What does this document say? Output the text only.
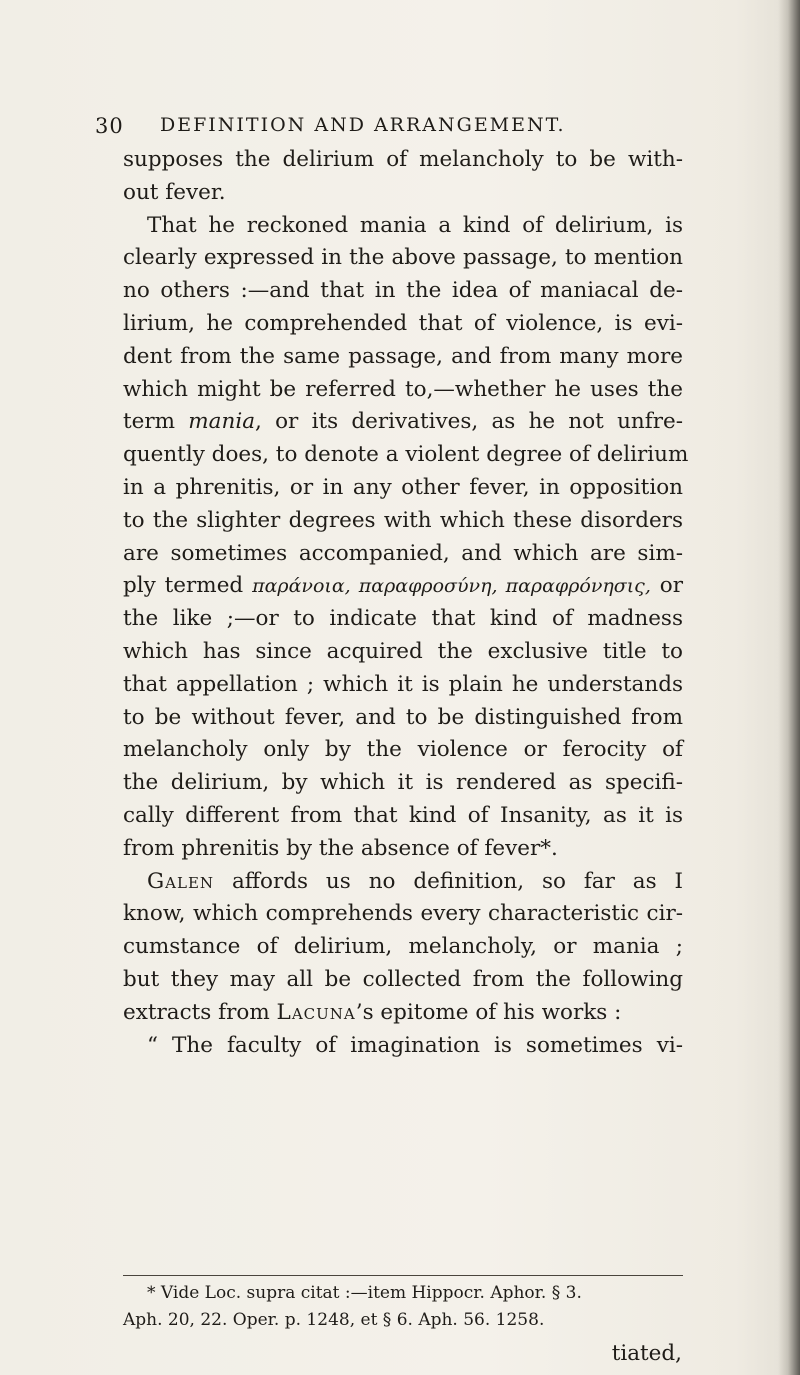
30 DEFINITION AND ARRANGEMENT.
supposes the delirium of melancholy to be with-
out fever.
That he reckoned mania a kind of delirium, is
clearly expressed in the above passage, to mention
no others :—and that in the idea of maniacal de-
lirium, he comprehended that of violence, is evi-
dent from the same passage, and from many more
which might be referred to,—whether he uses the
term mania, or its derivatives, as he not unfre-
quently does, to denote a violent degree of delirium
in a phrenitis, or in any other fever, in opposition
to the slighter degrees with which these disorders
are sometimes accompanied, and which are sim-
ply termed παράνοια, παραφροσύνη, παραφρόνησις, or
the like ;—or to indicate that kind of madness
which has since acquired the exclusive title to
that appellation ; which it is plain he understands
to be without fever, and to be distinguished from
melancholy only by the violence or ferocity of
the delirium, by which it is rendered as specifi-
cally different from that kind of Insanity, as it is
from phrenitis by the absence of fever*.
Galen affords us no definition, so far as I
know, which comprehends every characteristic cir-
cumstance of delirium, melancholy, or mania ;
but they may all be collected from the following
extracts from Lacuna’s epitome of his works :
“ The faculty of imagination is sometimes vi-
* Vide Loc. supra citat :—item Hippocr. Aphor. § 3.
Aph. 20, 22. Oper. p. 1248, et § 6. Aph. 56. 1258.
tiated,
